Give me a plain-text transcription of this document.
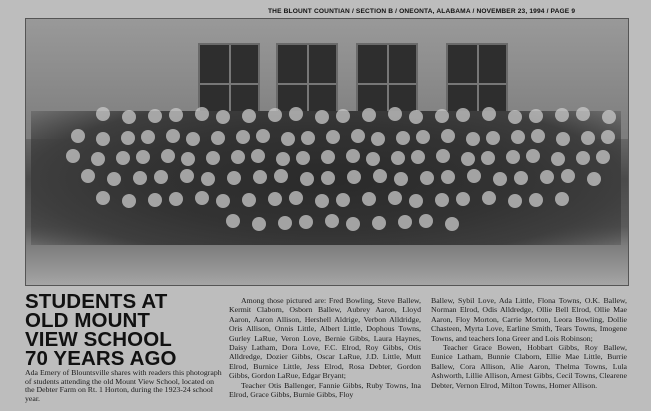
THE BLOUNT COUNTIAN / SECTION B / ONEONTA, ALABAMA / NOVEMBER 23, 1994 / PAGE 9
STUDENTS AT
OLD MOUNT
VIEW SCHOOL
70 YEARS AGO
Ada Emery of Blountsville shares with readers this photograph of students attending the old Mount View School, located on the Debter Farm on Rt. 1 Horton, during the 1923-24 school year.

Among those pictured are: Fred Bowling, Steve Ballew, Kermit Claborn, Osborn Ballew, Aubrey Aaron, Lloyd Aaron, Aaron Allison, Hershell Aldrige, Verbon Alldridge, Oris Allison, Onnis Little, Albert Little, Dophous Towns, Gurley LaRue, Veron Love, Bernie Gibbs, Laura Haynes, Daisy Latham, Dora Love, F.C. Elrod, Roy Gibbs, Otis Alldredge, Dozier Gibbs, Oscar LaRue, J.D. Little, Mutt Elrod, Burnice Little, Jess Elrod, Rosa Debter, Gordon Gibbs, Gordon LaRue, Edgar Bryant;

Teacher Otis Ballenger, Fannie Gibbs, Ruby Towns, Ina Elrod, Grace Gibbs, Burnie Gibbs, Floy

Ballew, Sybil Love, Ada Little, Flona Towns, O.K. Ballew, Norman Elrod, Odis Alldredge, Ollie Bell Elrod, Ollie Mae Aaron, Floy Morton, Carrie Morton, Leora Bowling, Dollie Chasteen, Myrta Love, Earline Smith, Tears Towns, Imogene Towns, and teachers Iona Greer and Lois Robinson;

Teacher Grace Bowen, Hobbart Gibbs, Roy Ballew, Eunice Latham, Bunnie Claborn, Ellie Mae Little, Burrie Ballew, Cora Allison, Alie Aaron, Thelma Towns, Lula Ashworth, Lillie Allison, Arnest Gibbs, Cecil Towns, Clearene Debter, Vernon Elrod, Milton Towns, Homer Allison.
